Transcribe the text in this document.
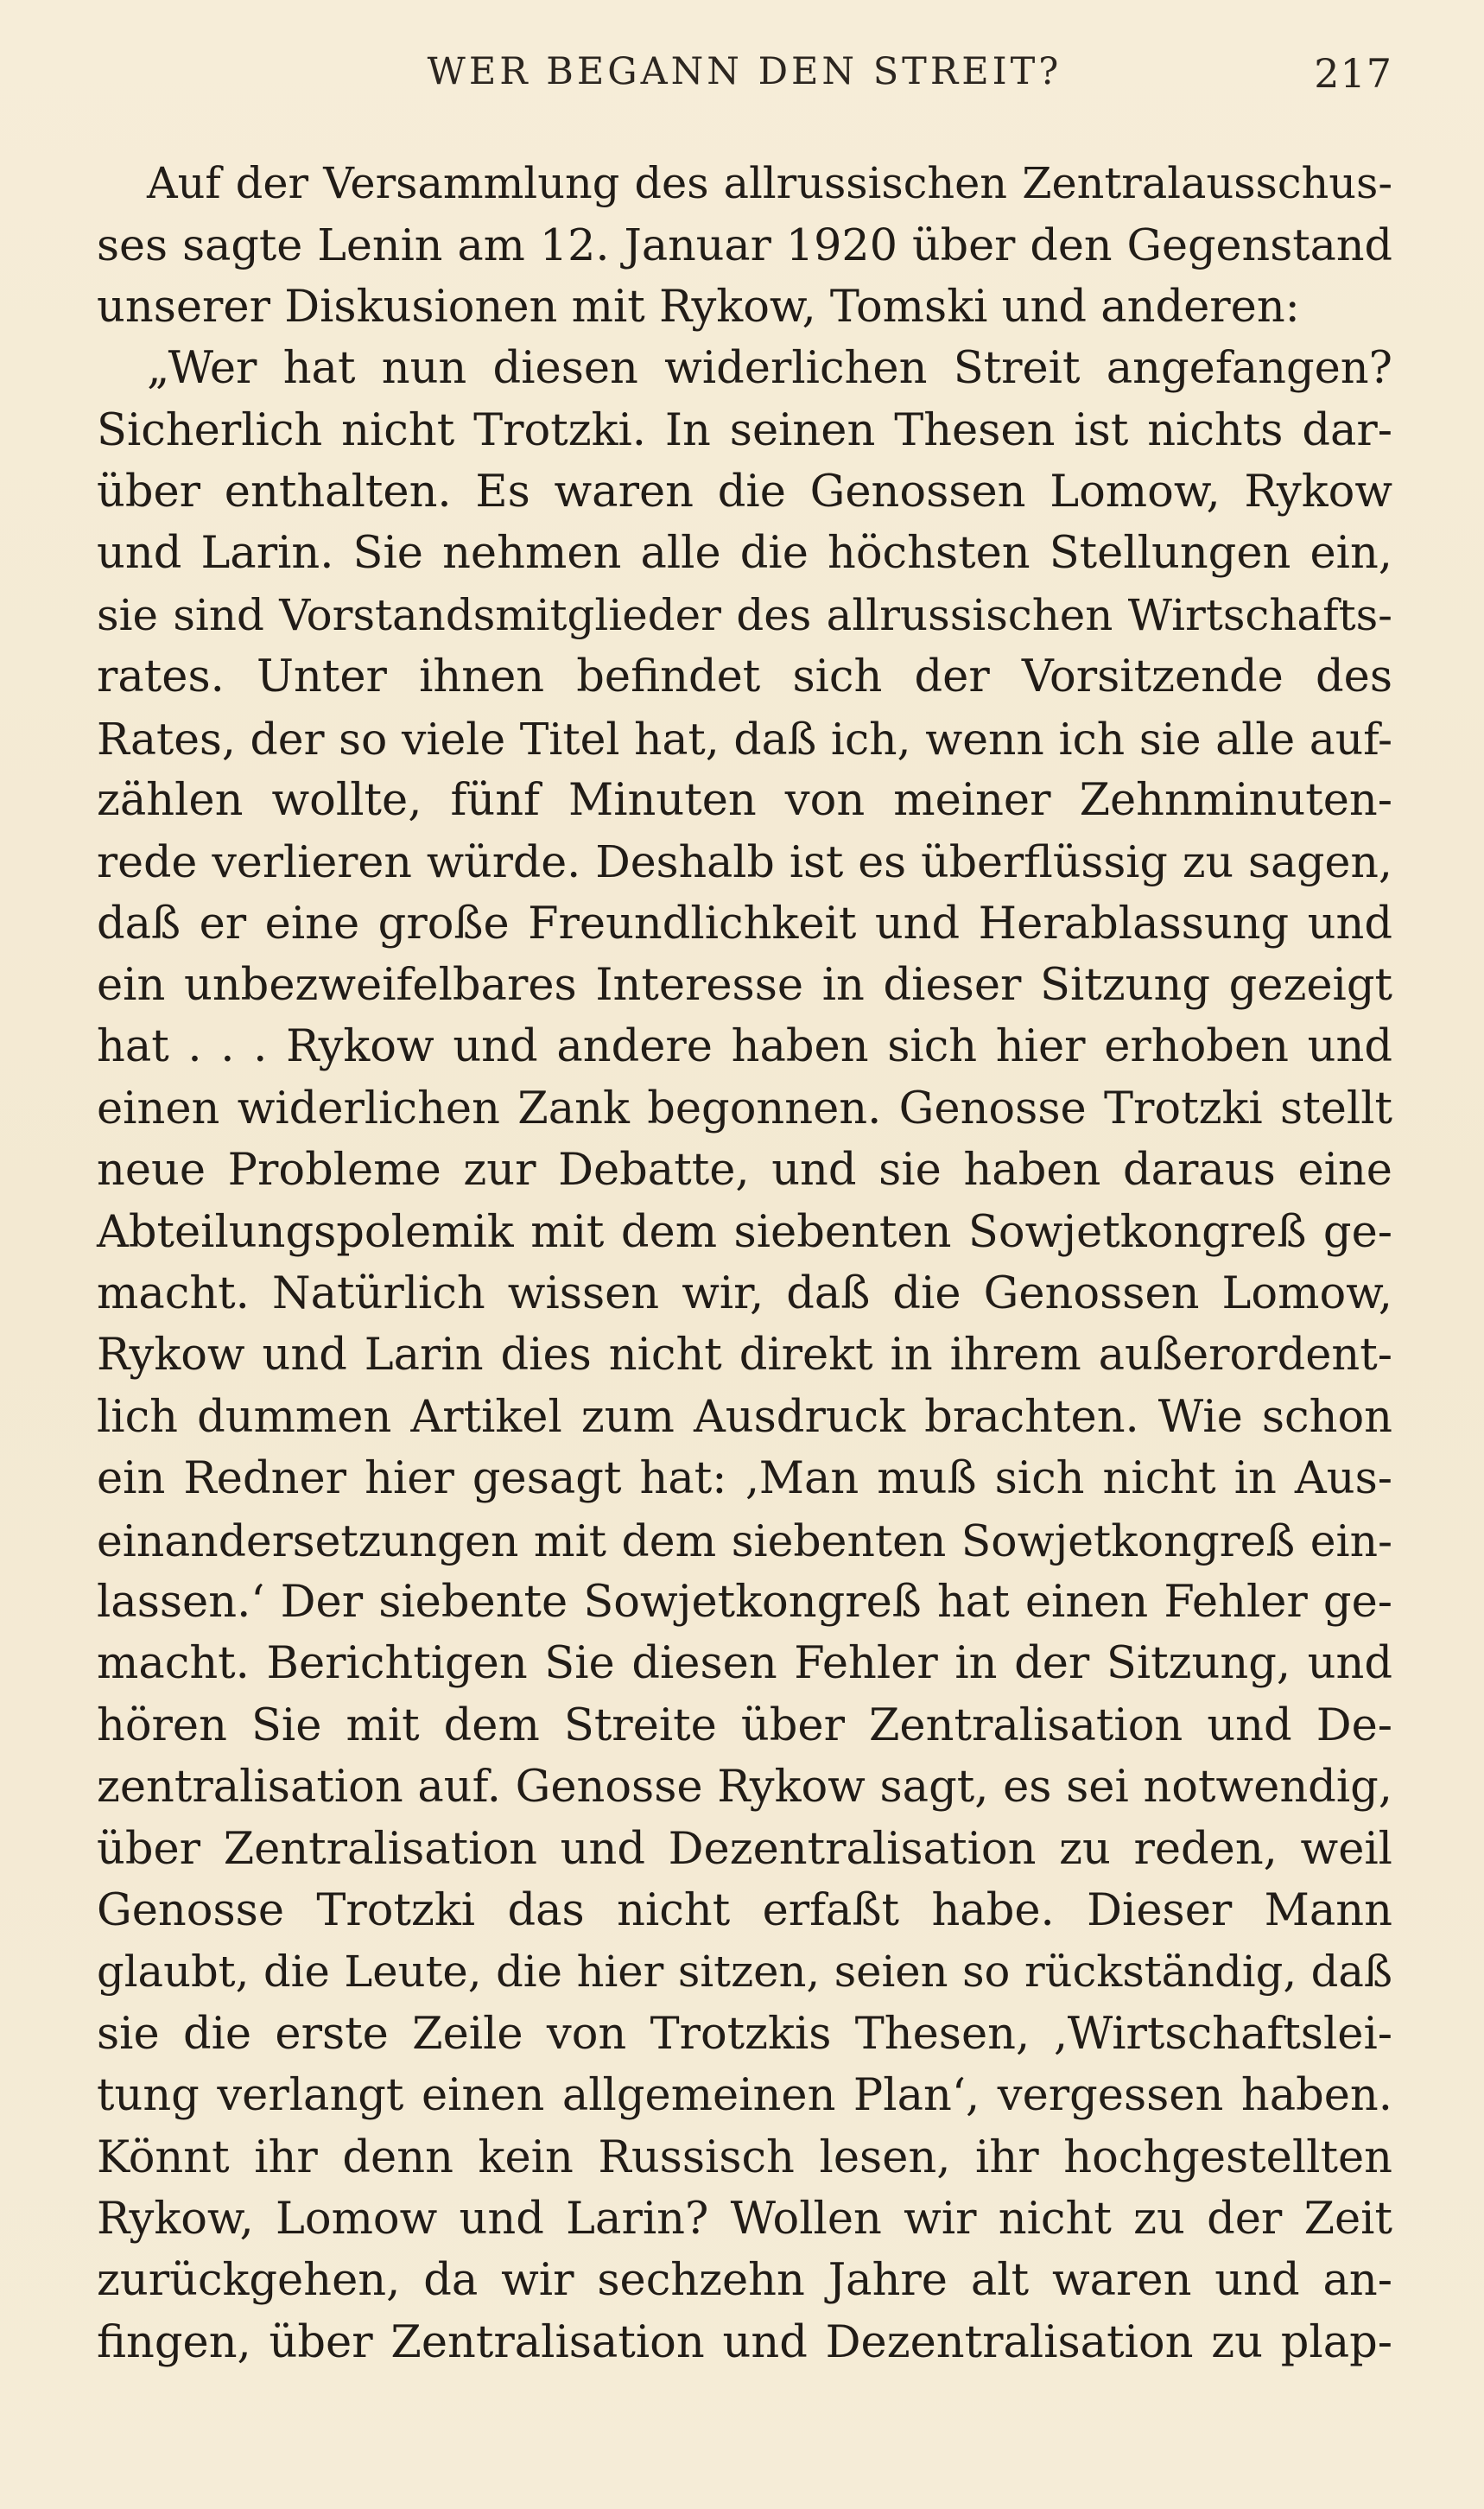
WER BEGANN DEN STREIT?	217
Auf der Versammlung des allrussischen Zentralausschus-
ses sagte Lenin am 12. Januar 1920 über den Gegenstand
unserer Diskusionen mit Rykow, Tomski und anderen:
„Wer hat nun diesen widerlichen Streit angefangen?
Sicherlich nicht Trotzki. In seinen Thesen ist nichts dar-
über enthalten. Es waren die Genossen Lomow, Rykow
und Larin. Sie nehmen alle die höchsten Stellungen ein,
sie sind Vorstandsmitglieder des allrussischen Wirtschafts-
rates. Unter ihnen befindet sich der Vorsitzende des
Rates, der so viele Titel hat, daß ich, wenn ich sie alle auf-
zählen wollte, fünf Minuten von meiner Zehnminuten-
rede verlieren würde. Deshalb ist es überflüssig zu sagen,
daß er eine große Freundlichkeit und Herablassung und
ein unbezweifelbares Interesse in dieser Sitzung gezeigt
hat . . . Rykow und andere haben sich hier erhoben und
einen widerlichen Zank begonnen. Genosse Trotzki stellt
neue Probleme zur Debatte, und sie haben daraus eine
Abteilungspolemik mit dem siebenten Sowjetkongreß ge-
macht. Natürlich wissen wir, daß die Genossen Lomow,
Rykow und Larin dies nicht direkt in ihrem außerordent-
lich dummen Artikel zum Ausdruck brachten. Wie schon
ein Redner hier gesagt hat: ‚Man muß sich nicht in Aus-
einandersetzungen mit dem siebenten Sowjetkongreß ein-
lassen.‘ Der siebente Sowjetkongreß hat einen Fehler ge-
macht. Berichtigen Sie diesen Fehler in der Sitzung, und
hören Sie mit dem Streite über Zentralisation und De-
zentralisation auf. Genosse Rykow sagt, es sei notwendig,
über Zentralisation und Dezentralisation zu reden, weil
Genosse Trotzki das nicht erfaßt habe. Dieser Mann
glaubt, die Leute, die hier sitzen, seien so rückständig, daß
sie die erste Zeile von Trotzkis Thesen, ‚Wirtschaftslei-
tung verlangt einen allgemeinen Plan‘, vergessen haben.
Könnt ihr denn kein Russisch lesen, ihr hochgestellten
Rykow, Lomow und Larin? Wollen wir nicht zu der Zeit
zurückgehen, da wir sechzehn Jahre alt waren und an-
fingen, über Zentralisation und Dezentralisation zu plap-
